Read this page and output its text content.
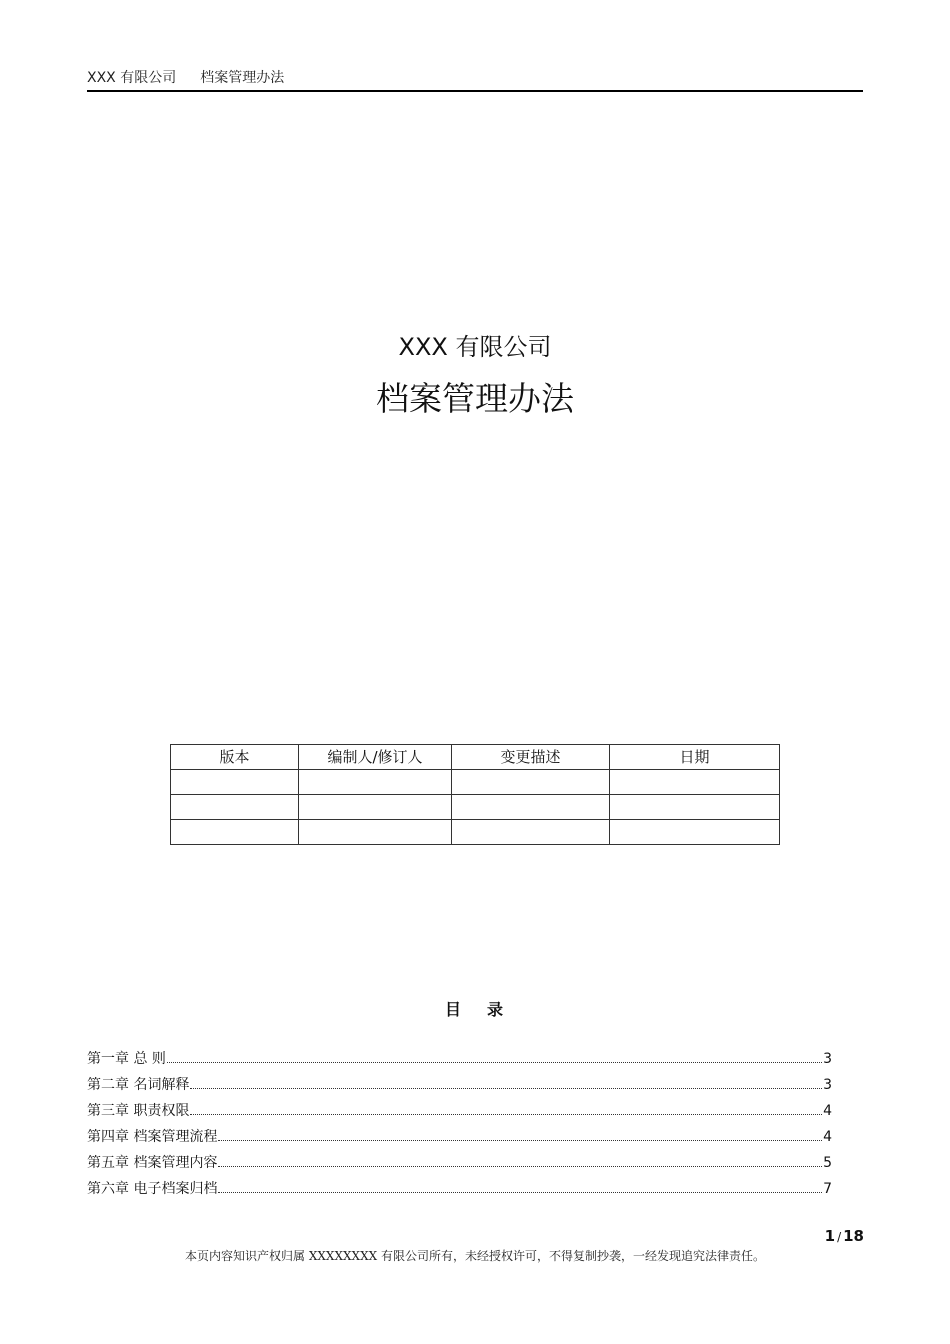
XXX 有限公司 档案管理办法
XXX 有限公司
档案管理办法
版本	编制人/修订人	变更描述	日期

目 录
第一章 总 则	3
第二章 名词解释	3
第三章 职责权限	4
第四章 档案管理流程	4
第五章 档案管理内容	5
第六章 电子档案归档	7
1 / 18
本页内容知识产权归属 XXXXXXXX 有限公司所有，未经授权许可，不得复制抄袭，一经发现追究法律责任。
